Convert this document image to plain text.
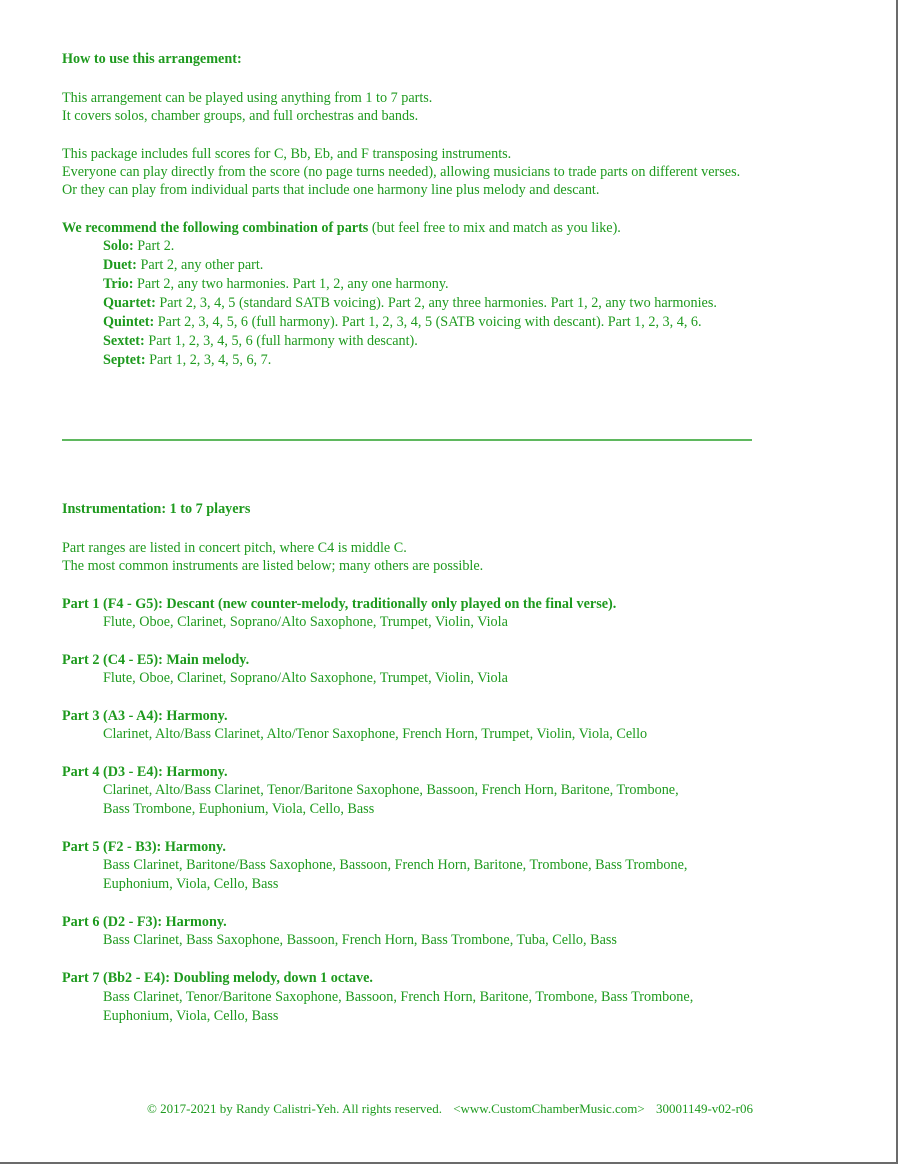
How to use this arrangement:
This arrangement can be played using anything from 1 to 7 parts.
It covers solos, chamber groups, and full orchestras and bands.
This package includes full scores for C, Bb, Eb, and F transposing instruments.
Everyone can play directly from the score (no page turns needed), allowing musicians to trade parts on different verses.
Or they can play from individual parts that include one harmony line plus melody and descant.
We recommend the following combination of parts (but feel free to mix and match as you like).
Solo: Part 2.
Duet: Part 2, any other part.
Trio: Part 2, any two harmonies. Part 1, 2, any one harmony.
Quartet: Part 2, 3, 4, 5 (standard SATB voicing). Part 2, any three harmonies. Part 1, 2, any two harmonies.
Quintet: Part 2, 3, 4, 5, 6 (full harmony). Part 1, 2, 3, 4, 5 (SATB voicing with descant). Part 1, 2, 3, 4, 6.
Sextet: Part 1, 2, 3, 4, 5, 6 (full harmony with descant).
Septet: Part 1, 2, 3, 4, 5, 6, 7.
Instrumentation: 1 to 7 players
Part ranges are listed in concert pitch, where C4 is middle C.
The most common instruments are listed below; many others are possible.
Part 1 (F4 - G5): Descant (new counter-melody, traditionally only played on the final verse).
Flute, Oboe, Clarinet, Soprano/Alto Saxophone, Trumpet, Violin, Viola
Part 2 (C4 - E5): Main melody.
Flute, Oboe, Clarinet, Soprano/Alto Saxophone, Trumpet, Violin, Viola
Part 3 (A3 - A4): Harmony.
Clarinet, Alto/Bass Clarinet, Alto/Tenor Saxophone, French Horn, Trumpet, Violin, Viola, Cello
Part 4 (D3 - E4): Harmony.
Clarinet, Alto/Bass Clarinet, Tenor/Baritone Saxophone, Bassoon, French Horn, Baritone, Trombone,
Bass Trombone, Euphonium, Viola, Cello, Bass
Part 5 (F2 - B3): Harmony.
Bass Clarinet, Baritone/Bass Saxophone, Bassoon, French Horn, Baritone, Trombone, Bass Trombone,
Euphonium, Viola, Cello, Bass
Part 6 (D2 - F3): Harmony.
Bass Clarinet, Bass Saxophone, Bassoon, French Horn, Bass Trombone, Tuba, Cello, Bass
Part 7 (Bb2 - E4): Doubling melody, down 1 octave.
Bass Clarinet, Tenor/Baritone Saxophone, Bassoon, French Horn, Baritone, Trombone, Bass Trombone,
Euphonium, Viola, Cello, Bass
© 2017-2021 by Randy Calistri-Yeh. All rights reserved. <www.CustomChamberMusic.com> 30001149-v02-r06
